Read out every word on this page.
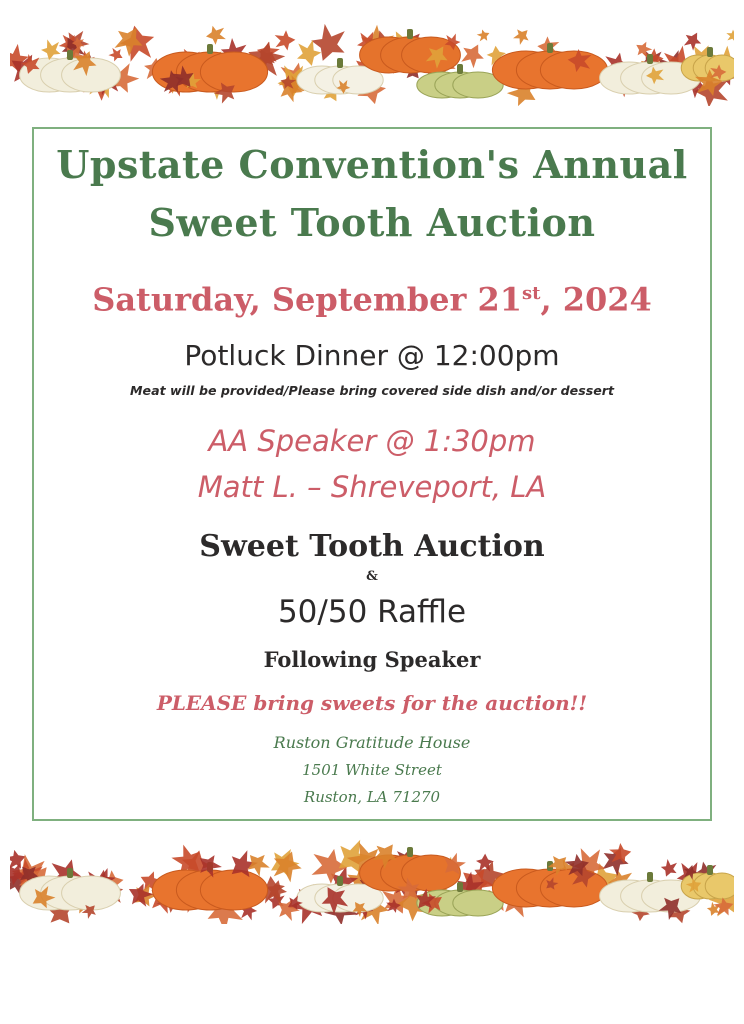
Upstate Convention's Annual
Sweet Tooth Auction
Saturday, September 21st, 2024
Potluck Dinner @ 12:00pm
Meat will be provided/Please bring covered side dish and/or dessert
AA Speaker @ 1:30pm
Matt L. – Shreveport, LA
Sweet Tooth Auction
&
50/50 Raffle
Following Speaker
PLEASE bring sweets for the auction!!
Ruston Gratitude House
1501 White Street
Ruston, LA 71270
